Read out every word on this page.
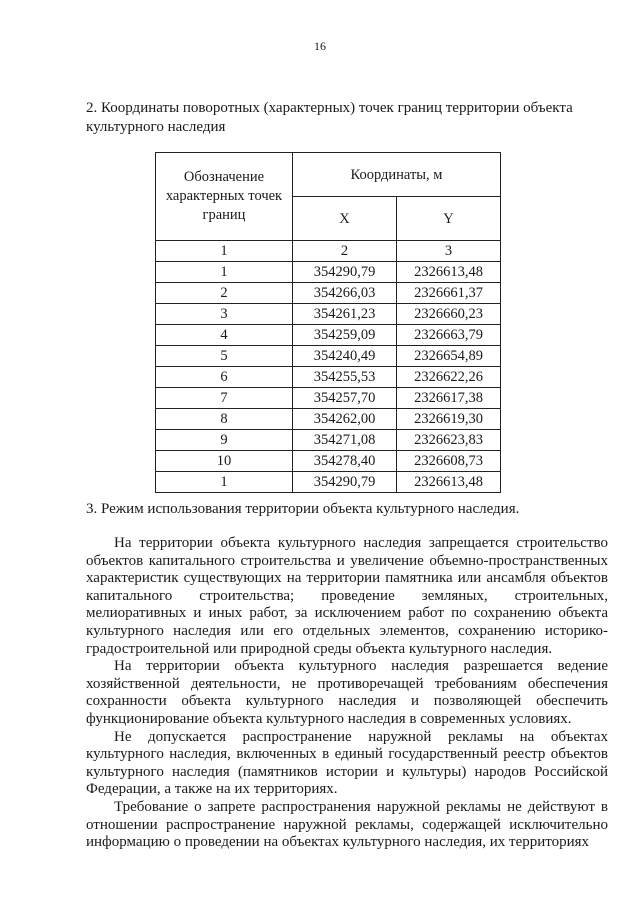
16
2. Координаты поворотных (характерных) точек границ территории объекта культурного наследия
Обозначение характерных точек границ	Координаты, м	
	X	Y
1	2	3
1	354290,79	2326613,48
2	354266,03	2326661,37
3	354261,23	2326660,23
4	354259,09	2326663,79
5	354240,49	2326654,89
6	354255,53	2326622,26
7	354257,70	2326617,38
8	354262,00	2326619,30
9	354271,08	2326623,83
10	354278,40	2326608,73
1	354290,79	2326613,48
3. Режим использования территории объекта культурного наследия.

На территории объекта культурного наследия запрещается строительство объектов капитального строительства и увеличение объемно-пространственных характеристик существующих на территории памятника или ансамбля объектов капитального строительства; проведение земляных, строительных, мелиоративных и иных работ, за исключением работ по сохранению объекта культурного наследия или его отдельных элементов, сохранению историко-градостроительной или природной среды объекта культурного наследия.

На территории объекта культурного наследия разрешается ведение хозяйственной деятельности, не противоречащей требованиям обеспечения сохранности объекта культурного наследия и позволяющей обеспечить функционирование объекта культурного наследия в современных условиях.

Не допускается распространение наружной рекламы на объектах культурного наследия, включенных в единый государственный реестр объектов культурного наследия (памятников истории и культуры) народов Российской Федерации, а также на их территориях.

Требование о запрете распространения наружной рекламы не действуют в отношении распространение наружной рекламы, содержащей исключительно информацию о проведении на объектах культурного наследия, их территориях
